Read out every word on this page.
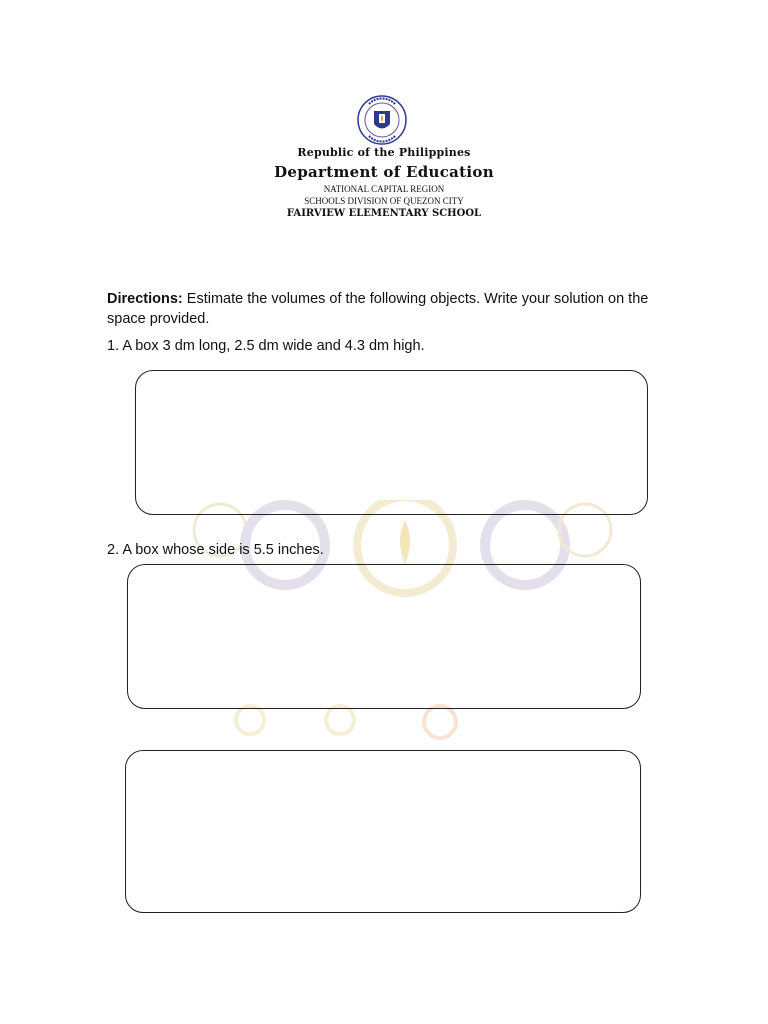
Republic of the Philippines
Department of Education
NATIONAL CAPITAL REGION
SCHOOLS DIVISION OF QUEZON CITY
FAIRVIEW ELEMENTARY SCHOOL
Directions: Estimate the volumes of the following objects. Write your solution on the space provided.
1. A box 3 dm long, 2.5 dm wide and 4.3 dm high.
2. A box whose side is 5.5 inches.
